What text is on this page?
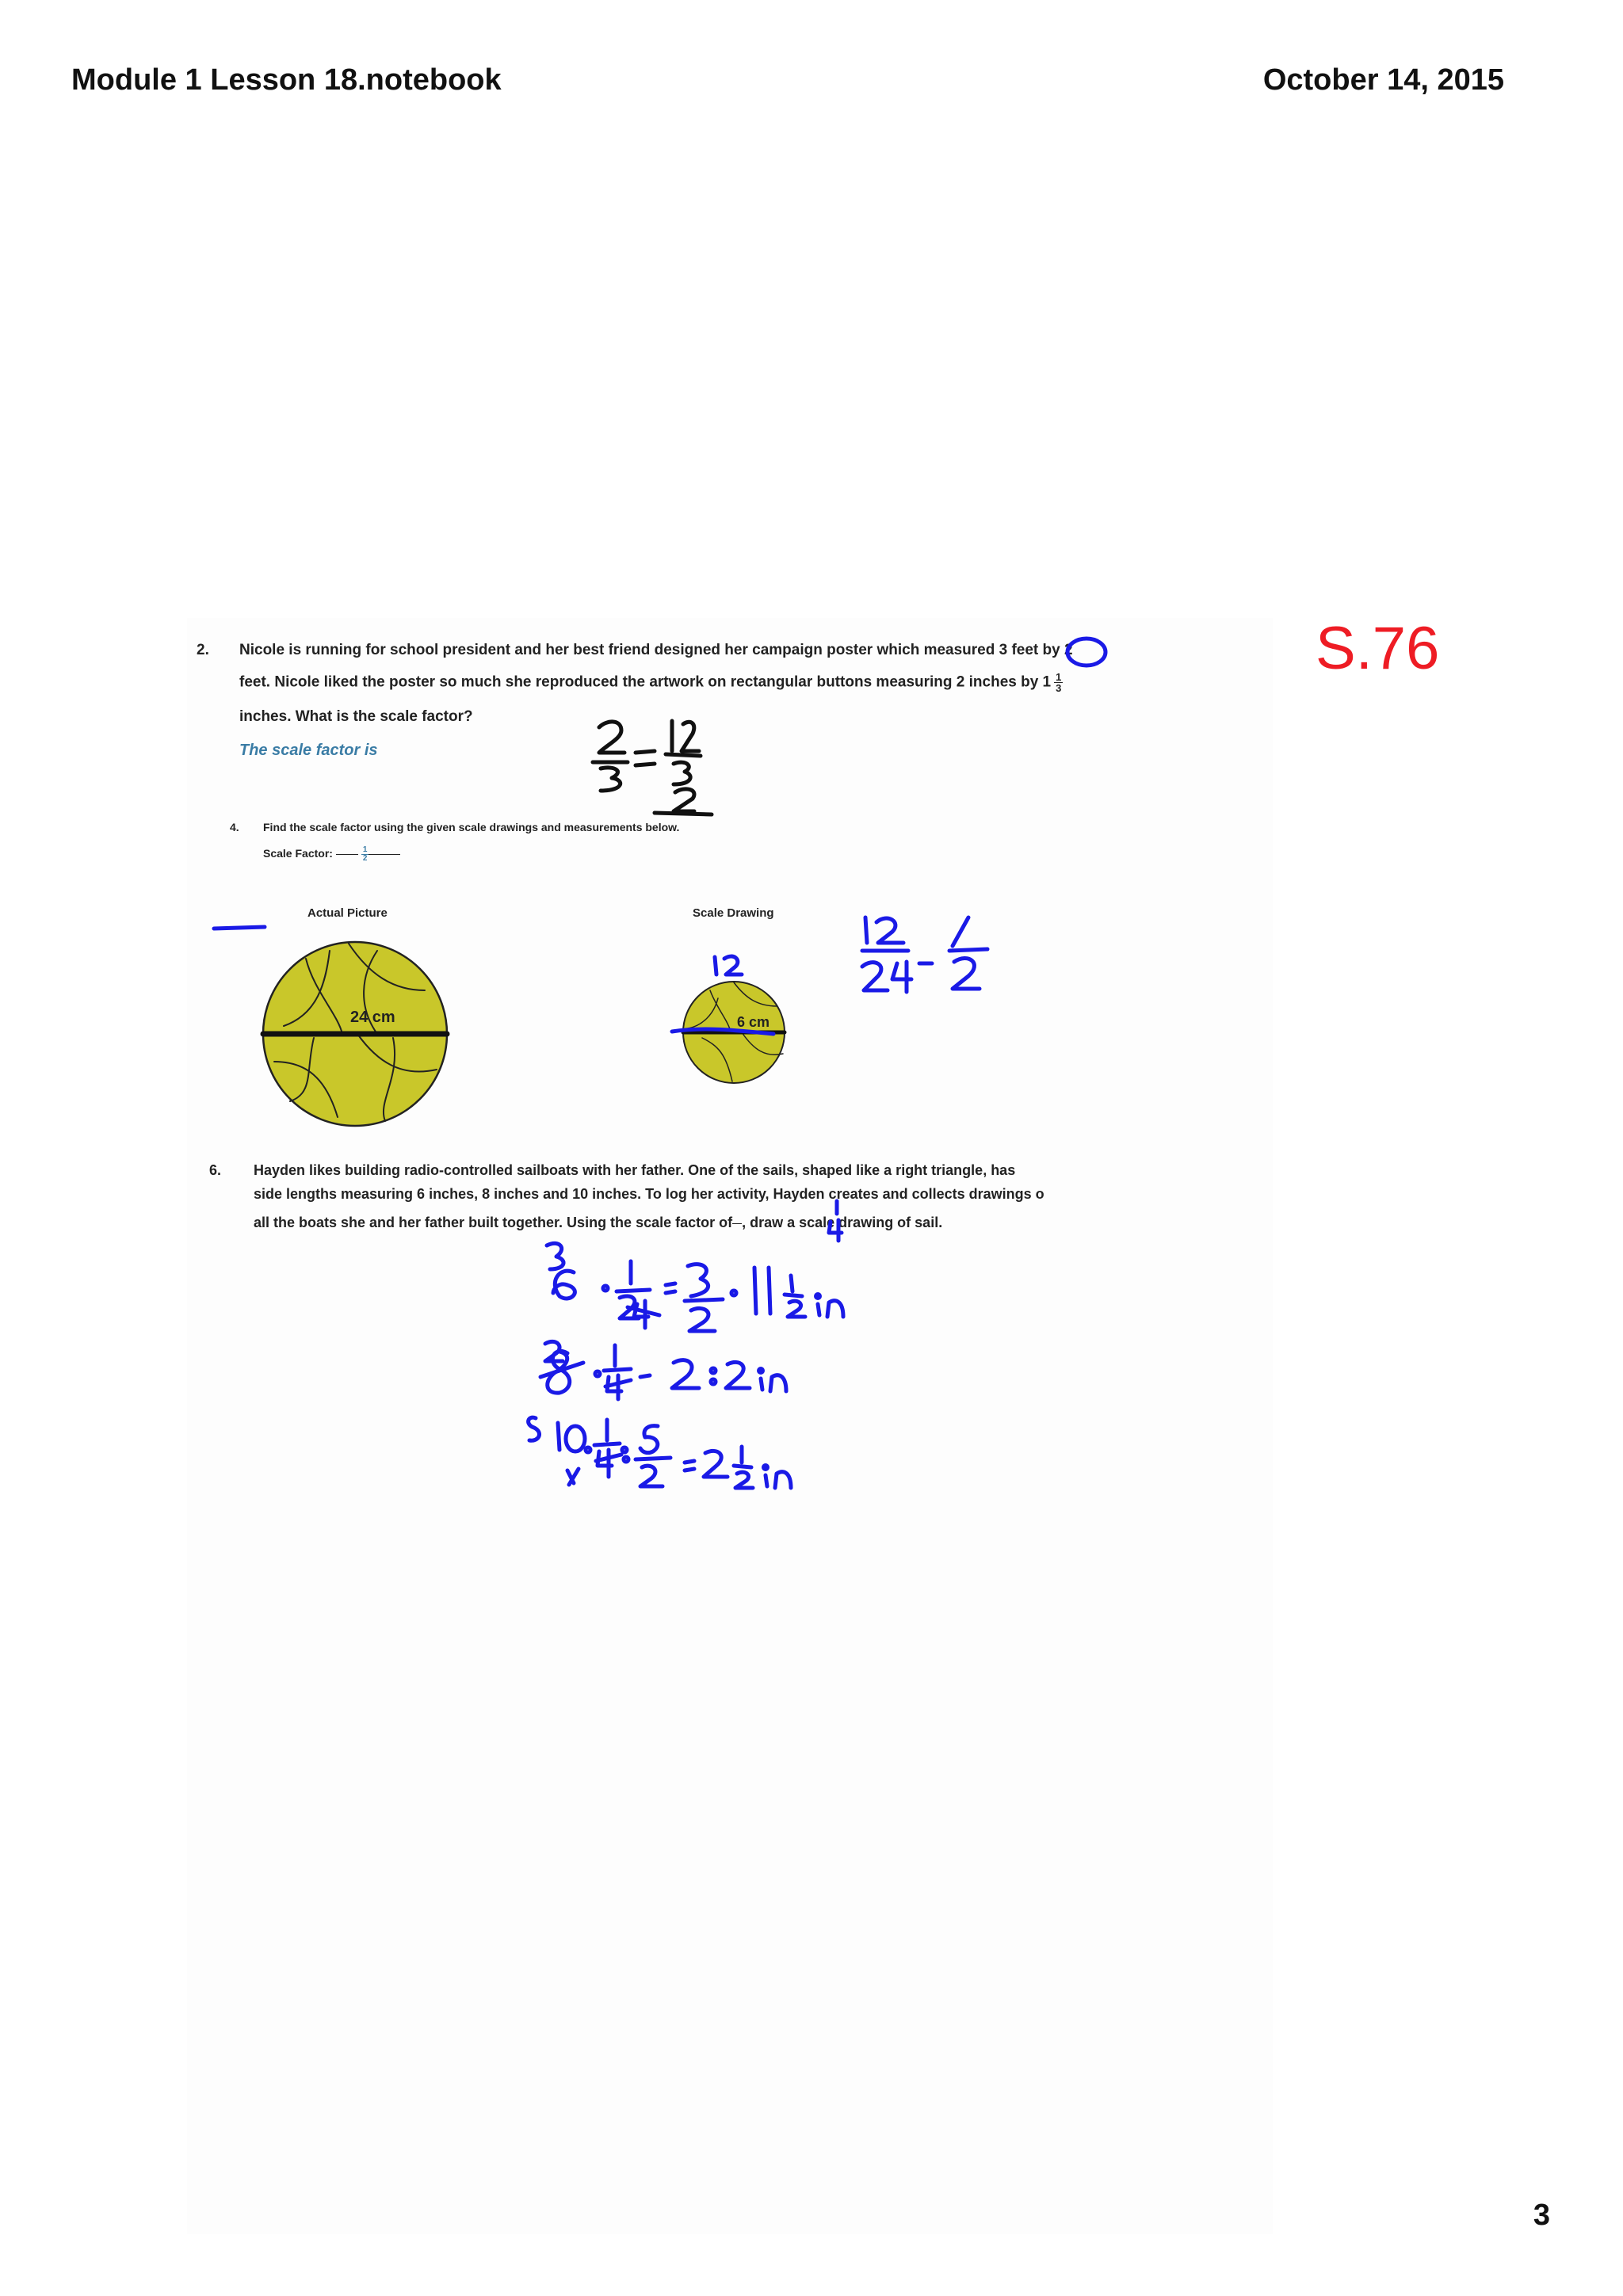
Module 1 Lesson 18.notebook	October 14, 2015
S.76
2. Nicole is running for school president and her best friend designed her campaign poster which measured 3 feet by 2
feet. Nicole liked the poster so much she reproduced the artwork on rectangular buttons measuring 2 inches by $1 \frac{1}{3}$
inches. What is the scale factor?
The scale factor is
4. Find the scale factor using the given scale drawings and measurements below.
Scale Factor:	$\frac{1}{2}$
Actual Picture	Scale Drawing
24 cm	6 cm
6. Hayden likes building radio-controlled sailboats with her father. One of the sails, shaped like a right triangle, has
side lengths measuring 6 inches, 8 inches and 10 inches. To log her activity, Hayden creates and collects drawings o
all the boats she and her father built together. Using the scale factor of , draw a scale drawing of sail.
3
